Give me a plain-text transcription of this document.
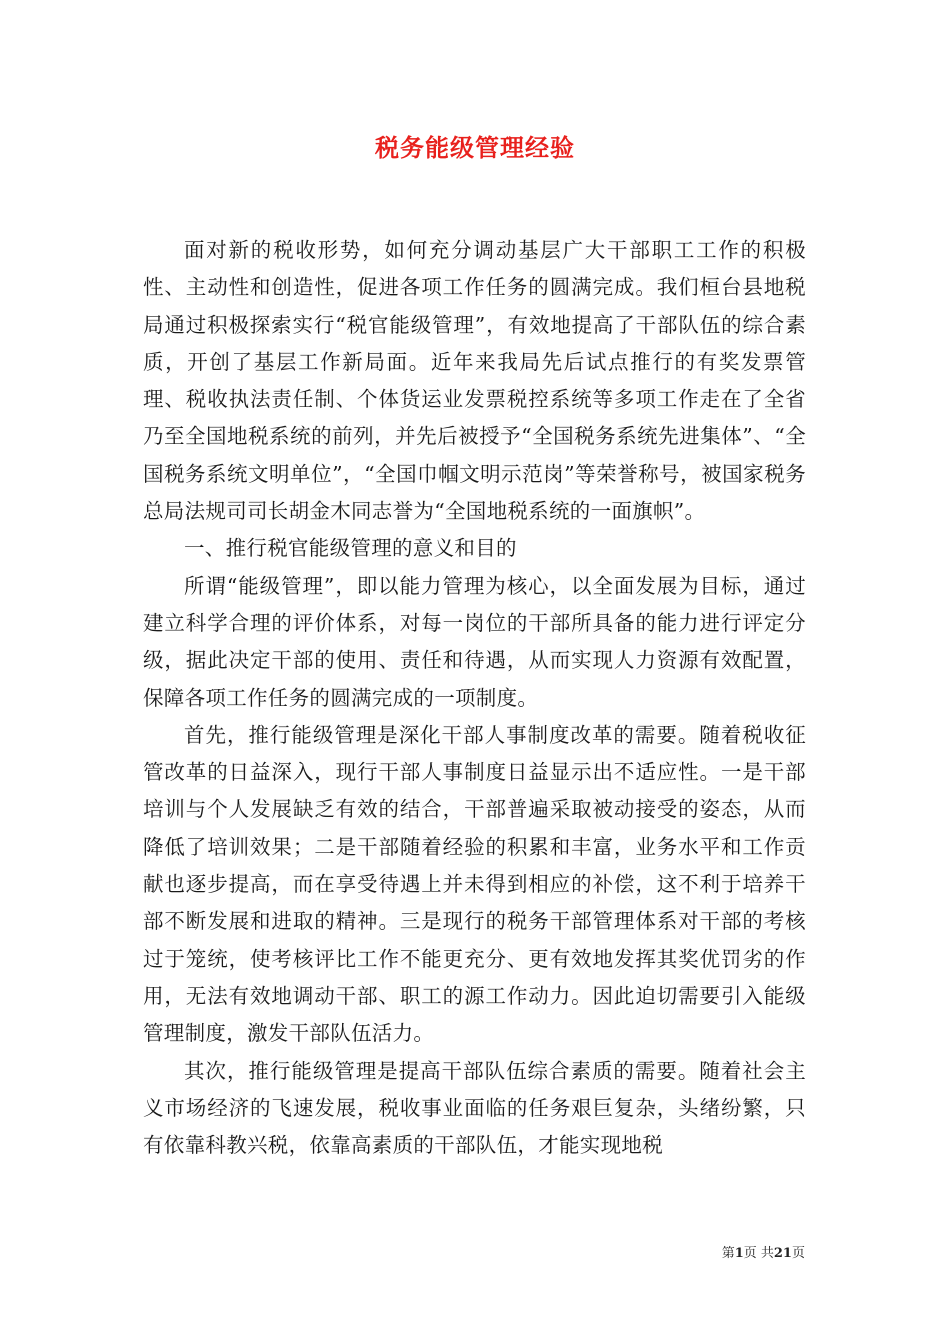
税务能级管理经验

面对新的税收形势，如何充分调动基层广大干部职工工作的积极性、主动性和创造性，促进各项工作任务的圆满完成。我们桓台县地税局通过积极探索实行“税官能级管理”，有效地提高了干部队伍的综合素质，开创了基层工作新局面。近年来我局先后试点推行的有奖发票管理、税收执法责任制、个体货运业发票税控系统等多项工作走在了全省乃至全国地税系统的前列，并先后被授予“全国税务系统先进集体”、“全国税务系统文明单位”，“全国巾帼文明示范岗”等荣誉称号，被国家税务总局法规司司长胡金木同志誉为“全国地税系统的一面旗帜”。

一、推行税官能级管理的意义和目的

所谓“能级管理”，即以能力管理为核心，以全面发展为目标，通过建立科学合理的评价体系，对每一岗位的干部所具备的能力进行评定分级，据此决定干部的使用、责任和待遇，从而实现人力资源有效配置，保障各项工作任务的圆满完成的一项制度。

首先，推行能级管理是深化干部人事制度改革的需要。随着税收征管改革的日益深入，现行干部人事制度日益显示出不适应性。一是干部培训与个人发展缺乏有效的结合，干部普遍采取被动接受的姿态，从而降低了培训效果；二是干部随着经验的积累和丰富，业务水平和工作贡献也逐步提高，而在享受待遇上并未得到相应的补偿，这不利于培养干部不断发展和进取的精神。三是现行的税务干部管理体系对干部的考核过于笼统，使考核评比工作不能更充分、更有效地发挥其奖优罚劣的作用，无法有效地调动干部、职工的源工作动力。因此迫切需要引入能级管理制度，激发干部队伍活力。

其次，推行能级管理是提高干部队伍综合素质的需要。随着社会主义市场经济的飞速发展，税收事业面临的任务艰巨复杂，头绪纷繁，只有依靠科教兴税，依靠高素质的干部队伍，才能实现地税

第1页 共21页
